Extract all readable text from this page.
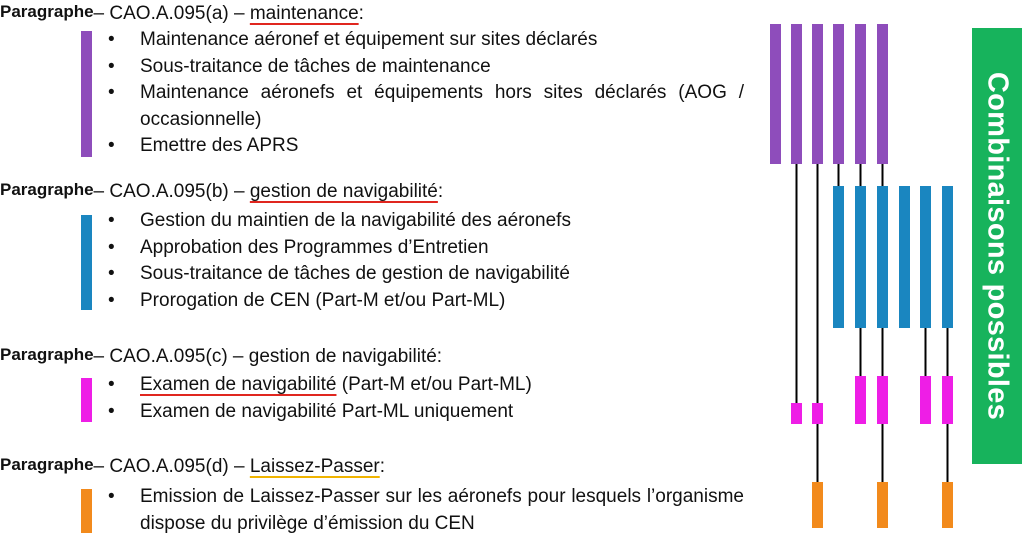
Paragraphe– CAO.A.095(a) – maintenance:
• Maintenance aéronef et équipement sur sites déclarés
• Sous-traitance de tâches de maintenance
• Maintenance aéronefs et équipements hors sites déclarés (AOG / occasionnelle)
• Emettre des APRS
Paragraphe– CAO.A.095(b) – gestion de navigabilité:
• Gestion du maintien de la navigabilité des aéronefs
• Approbation des Programmes d’Entretien
• Sous-traitance de tâches de gestion de navigabilité
• Prorogation de CEN (Part-M et/ou Part-ML)
Paragraphe– CAO.A.095(c) – gestion de navigabilité:
• Examen de navigabilité (Part-M et/ou Part-ML)
• Examen de navigabilité Part-ML uniquement
Paragraphe– CAO.A.095(d) – Laissez-Passer:
• Emission de Laissez-Passer sur les aéronefs pour lesquels l’organisme dispose du privilège d’émission du CEN
Combinaisons possibles
